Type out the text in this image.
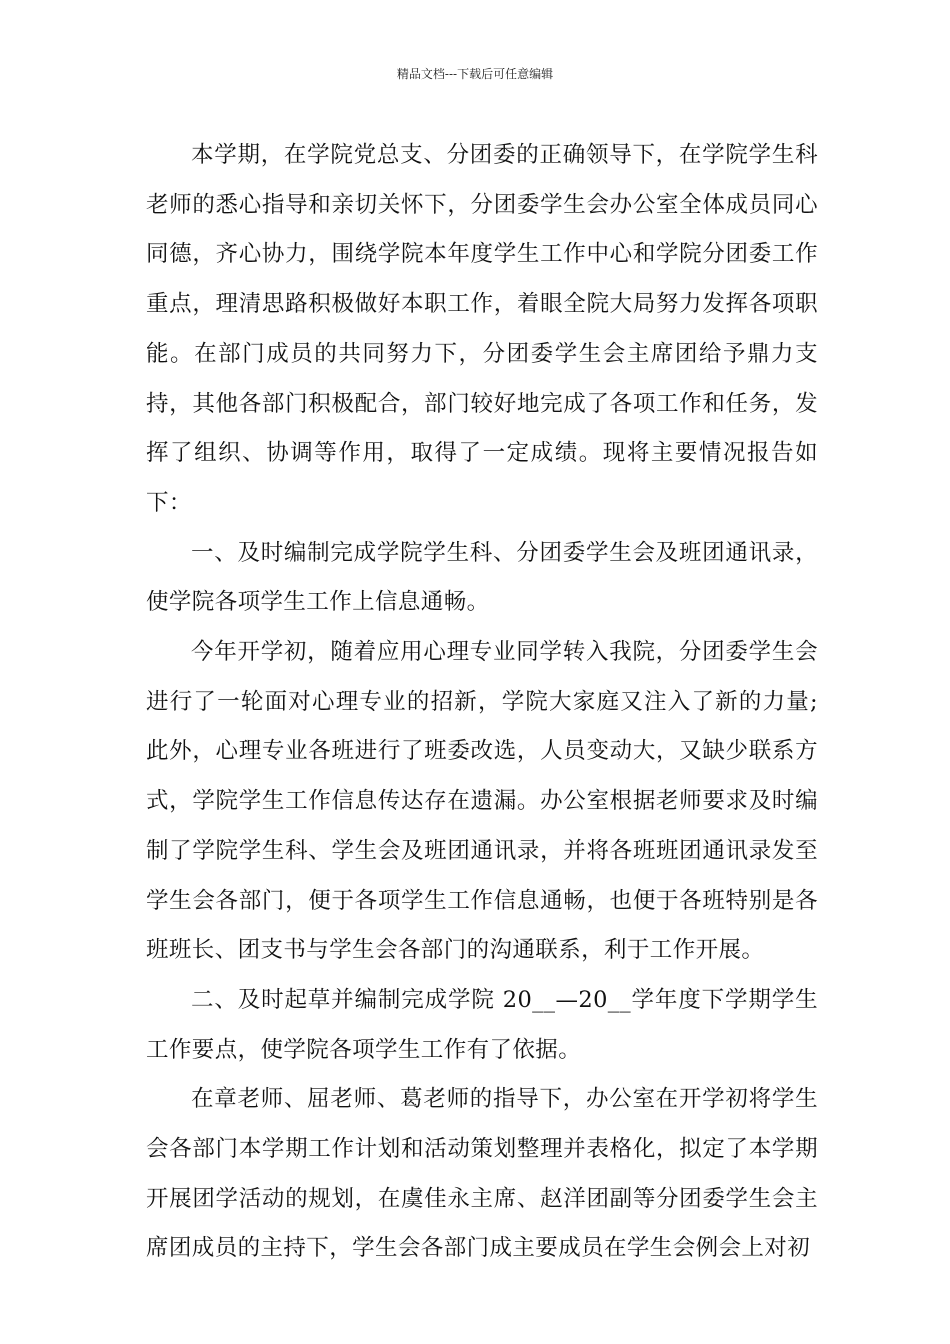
精品文档---下载后可任意编辑

本学期，在学院党总支、分团委的正确领导下，在学院学生科老师的悉心指导和亲切关怀下，分团委学生会办公室全体成员同心同德，齐心协力，围绕学院本年度学生工作中心和学院分团委工作重点，理清思路积极做好本职工作，着眼全院大局努力发挥各项职能。在部门成员的共同努力下，分团委学生会主席团给予鼎力支持，其他各部门积极配合，部门较好地完成了各项工作和任务，发挥了组织、协调等作用，取得了一定成绩。现将主要情况报告如下：

一、及时编制完成学院学生科、分团委学生会及班团通讯录，使学院各项学生工作上信息通畅。

今年开学初，随着应用心理专业同学转入我院，分团委学生会进行了一轮面对心理专业的招新，学院大家庭又注入了新的力量;此外，心理专业各班进行了班委改选，人员变动大，又缺少联系方式，学院学生工作信息传达存在遗漏。办公室根据老师要求及时编制了学院学生科、学生会及班团通讯录，并将各班班团通讯录发至学生会各部门，便于各项学生工作信息通畅，也便于各班特别是各班班长、团支书与学生会各部门的沟通联系，利于工作开展。

二、及时起草并编制完成学院 20__—20__学年度下学期学生工作要点，使学院各项学生工作有了依据。

在章老师、屈老师、葛老师的指导下，办公室在开学初将学生会各部门本学期工作计划和活动策划整理并表格化，拟定了本学期开展团学活动的规划，在虞佳永主席、赵洋团副等分团委学生会主席团成员的主持下，学生会各部门成主要成员在学生会例会上对初
